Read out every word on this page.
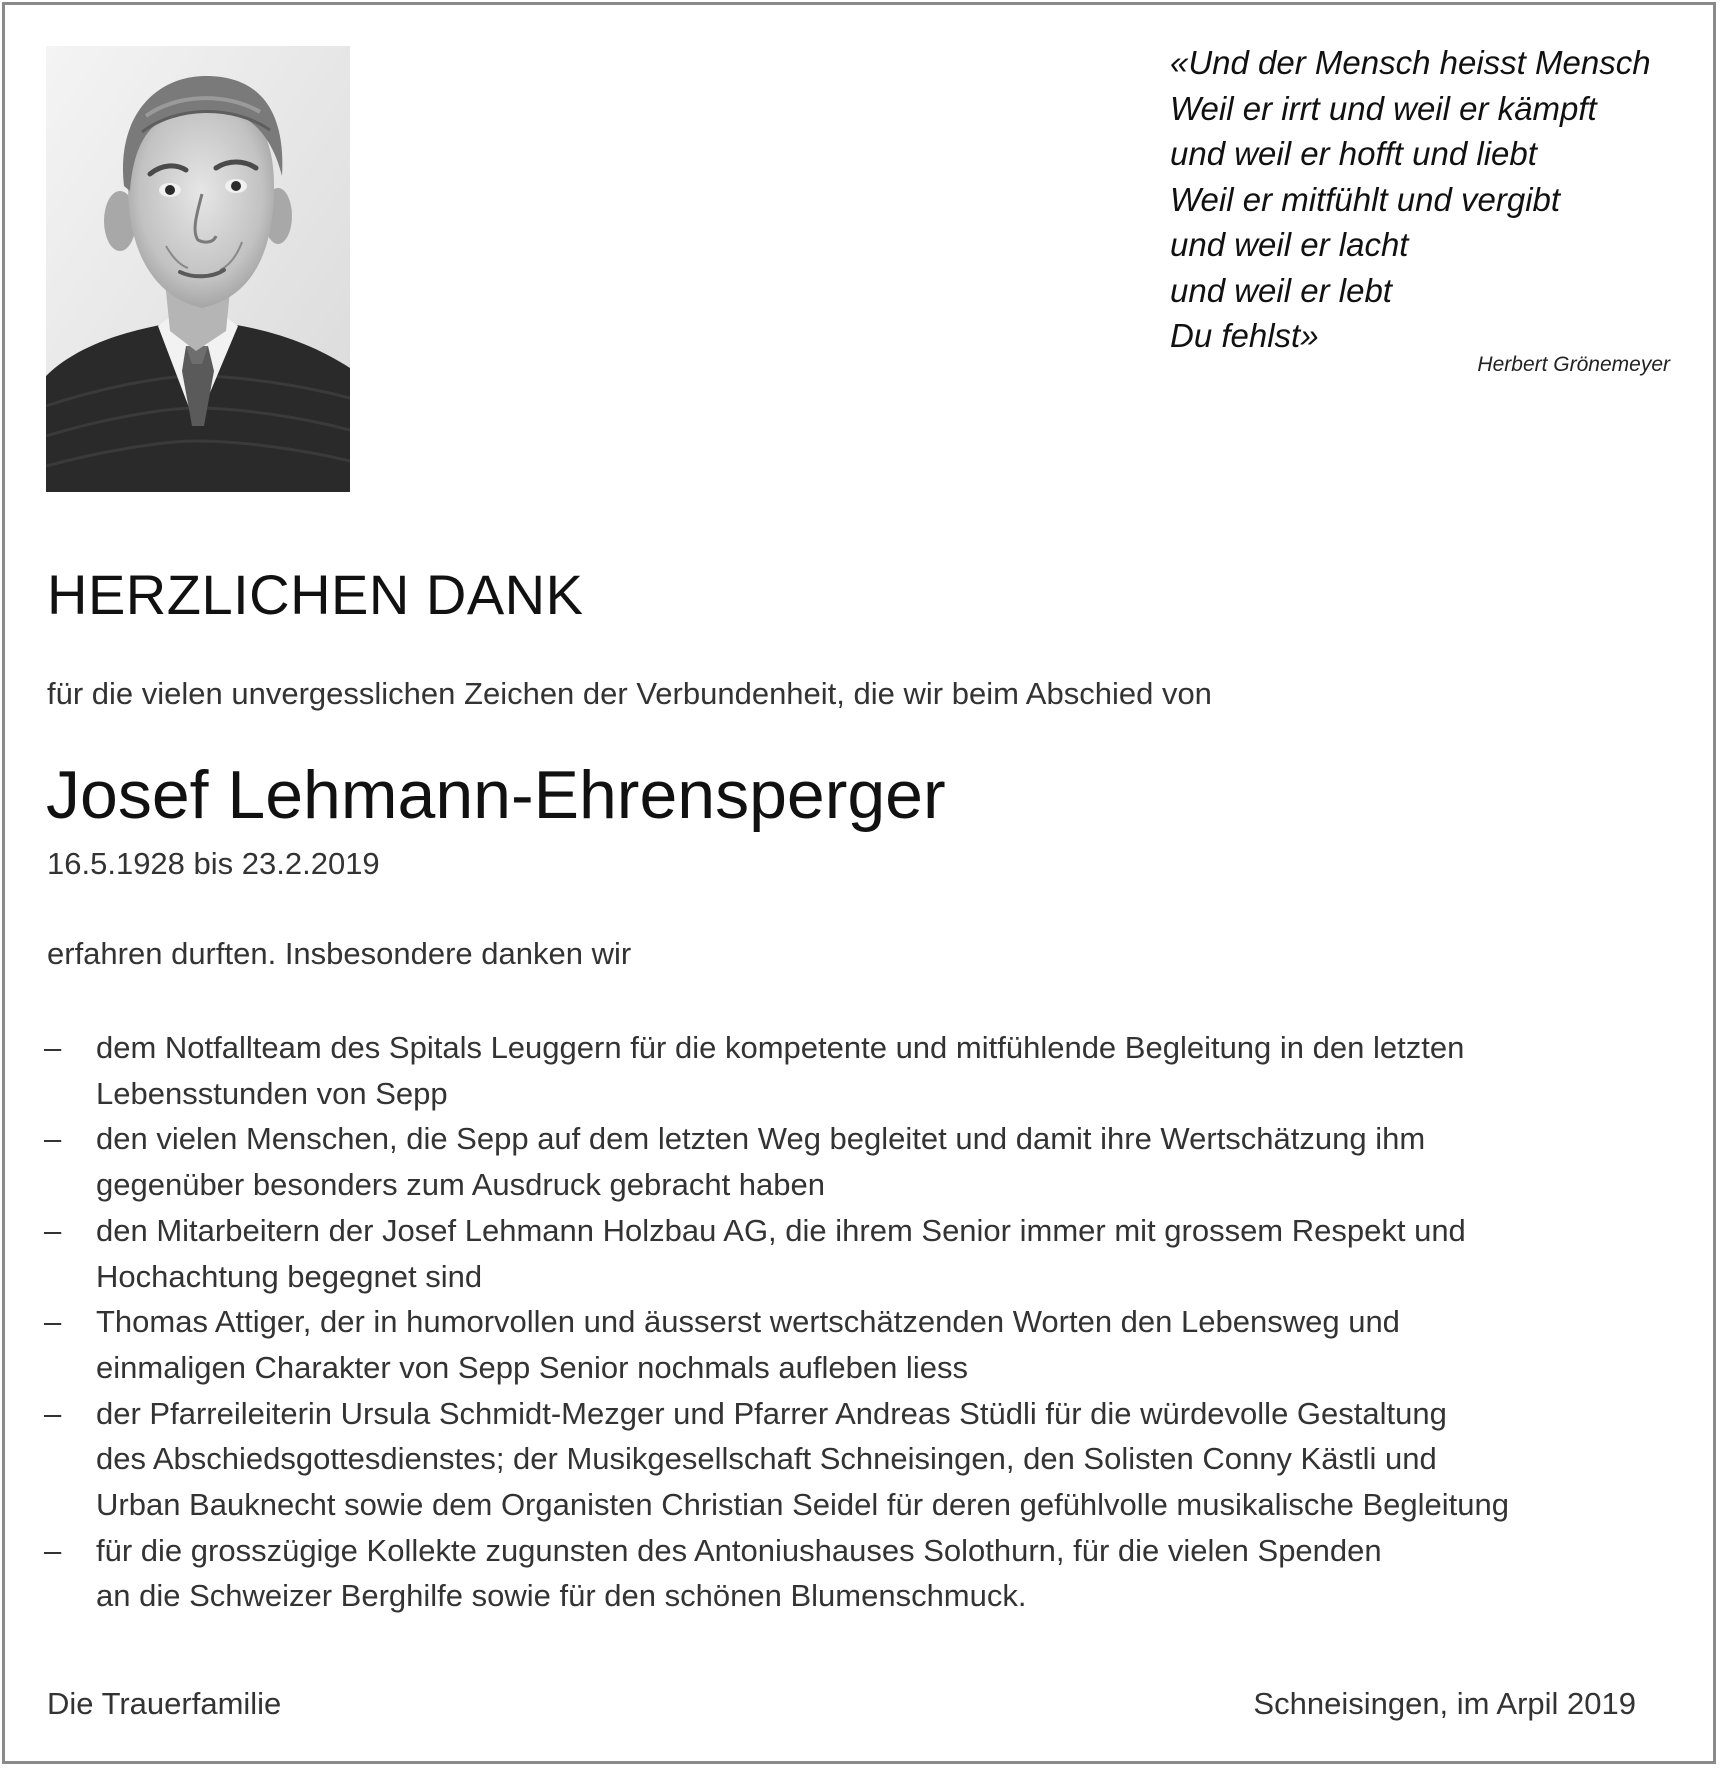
«Und der Mensch heisst Mensch
Weil er irrt und weil er kämpft
und weil er hofft und liebt
Weil er mitfühlt und vergibt
und weil er lacht
und weil er lebt
Du fehlst»
Herbert Grönemeyer
HERZLICHEN DANK
für die vielen unvergesslichen Zeichen der Verbundenheit, die wir beim Abschied von
Josef Lehmann-Ehrensperger
16.5.1928 bis 23.2.2019
erfahren durften. Insbesondere danken wir
– dem Notfallteam des Spitals Leuggern für die kompetente und mitfühlende Begleitung in den letzten
Lebensstunden von Sepp
– den vielen Menschen, die Sepp auf dem letzten Weg begleitet und damit ihre Wertschätzung ihm
gegenüber besonders zum Ausdruck gebracht haben
– den Mitarbeitern der Josef Lehmann Holzbau AG, die ihrem Senior immer mit grossem Respekt und
Hochachtung begegnet sind
– Thomas Attiger, der in humorvollen und äusserst wertschätzenden Worten den Lebensweg und
einmaligen Charakter von Sepp Senior nochmals aufleben liess
– der Pfarreileiterin Ursula Schmidt-Mezger und Pfarrer Andreas Stüdli für die würdevolle Gestaltung
des Abschiedsgottesdienstes; der Musikgesellschaft Schneisingen, den Solisten Conny Kästli und
Urban Bauknecht sowie dem Organisten Christian Seidel für deren gefühlvolle musikalische Begleitung
– für die grosszügige Kollekte zugunsten des Antoniushauses Solothurn, für die vielen Spenden
an die Schweizer Berghilfe sowie für den schönen Blumenschmuck.
Die Trauerfamilie	Schneisingen, im Arpil 2019
